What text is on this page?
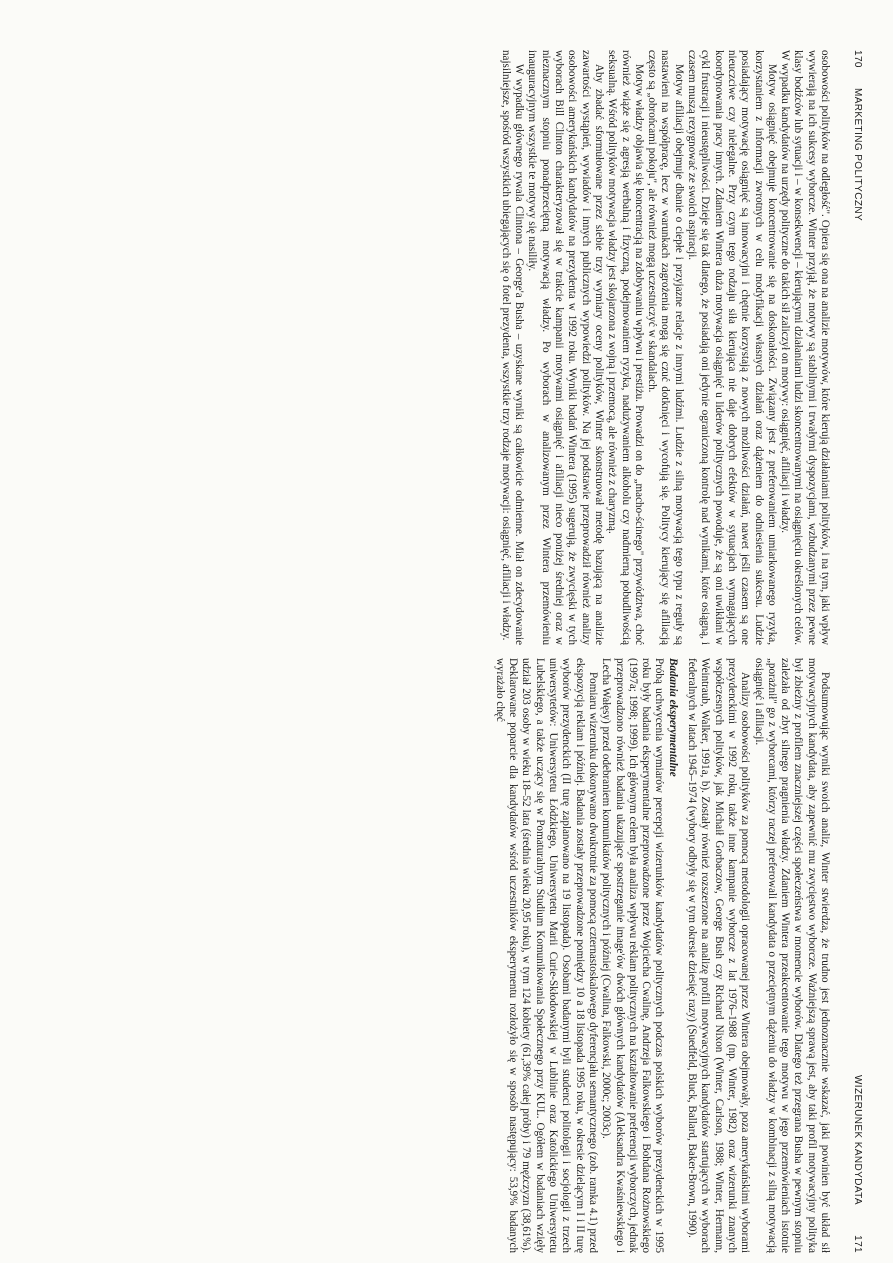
170
MARKETING POLITYCZNY

osobowości polityków na odległość". Opiera się ona na analizie motywów, które kierują działaniami polityków, i na tym, jaki wpływ wywierają na ich sukcesy wyborcze. Winter przyjął, że motywy są stabilnymi i trwałymi dyspozycjami, wzbudzanymi przez pewne klasy bodźców lub sytuacji i – w konsekwencji – kierującymi działaniami ludzi skoncentrowanymi na osiągnięciu określonych celów. W wypadku kandydatów na urzędy polityczne do takich sił zaliczył on motywy: osiągnięć, afiliacji i władzy.

Motyw osiągnięć obejmuje koncentrowanie się na doskonałości. Związany jest z preferowaniem umiarkowanego ryzyka, korzystaniem z informacji zwrotnych w celu modyfikacji własnych działań oraz dążeniem do odniesienia sukcesu. Ludzie posiadający motywację osiągnięć są innowacyjni i chętnie korzystają z nowych możliwości działań, nawet jeśli czasem są one nieuczciwe czy nielegalne. Przy czym tego rodzaju siła kierująca nie daje dobrych efektów w sytuacjach wymagających koordynowania pracy innych. Zdaniem Wintera duża motywacja osiągnięć u liderów politycznych powoduje, że są oni uwikłani w cykl frustracji i nieustępliwości. Dzieje się tak dlatego, że posiadają oni jedynie ograniczoną kontrolę nad wynikami, które osiągną, i czasem muszą rezygnować ze swoich aspiracji.

Motyw afiliacji obejmuje dbanie o ciepłe i przyjazne relacje z innymi ludźmi. Ludzie z silną motywacją tego typu z reguły są nastawieni na współpracę, lecz w warunkach zagrożenia mogą się czuć dotknięci i wycofują się. Politycy kierujący się afiliacją często są „obrońcami pokoju", ale również mogą uczestniczyć w skandalach.

Motyw władzy objawia się koncentracją na zdobywaniu wpływu i prestiżu. Prowadzi on do „macho-ścinego" przywództwa, choć również wiąże się z agresją werbalną i fizyczną, podejmowaniem ryzyka, nadużywaniem alkoholu czy nadmierną pobudliwością seksualną. Wśród polityków motywacja władzy jest skojarzona z wojną i przemocą, ale również z charyzmą.

Aby zbadać sformułowane przez siebie trzy wymiary oceny polityków, Winter skonstruował metodę bazującą na analizie zawartości wystąpień, wywiadów i innych publicznych wypowiedzi polityków. Na jej podstawie przeprowadził również analizy osobowości amerykańskich kandydatów na prezydenta w 1992 roku. Wyniki badań Wintera (1995) sugerują, że zwycięski w tych wyborach Bill Clinton charakteryzował się w trakcie kampanii motywami osiągnięć i afiliacji nieco poniżej średniej oraz w nieznacznym stopniu ponadprzeciętną motywacją władzy. Po wyborach w analizowanym przez Wintera przemówieniu inauguracyjnym wszystkie te motywy się nasiliły.

W wypadku głównego rywala Clintona – George'a Busha – uzyskane wyniki są całkowicie odmienne. Miał on zdecydowanie najsilniejsze, spośród wszystkich ubiegających się o fotel prezydenta, wszystkie trzy rodzaje motywacji: osiągnięć, afiliacji i władzy.

WIZERUNEK KANDYDATA
171

Podsumowując wyniki swoich analiz, Winter stwierdza, że trudno jest jednoznacznie wskazać, jaki powinien być układ sił motywacyjnych kandydata, aby zapewnić mu zwycięstwo wyborcze. Ważniejszą sprawą jest, aby taki profil motywacyjny polityka był zbieżny z profilem znaczniejszej części społeczeństwa w momencie wyborów. Dlatego też przegrana Busha w pewnym stopniu zależała od zbyt silnego pragnienia władzy. Zdaniem Wintera przeakcentowanie tego motywu w jego przemówieniach istotnie „porażnił" go z wyborcami, którzy raczej preferowali kandydata o przeciętnym dążeniu do władzy w kombinacji z silną motywacją osiągnięć i afiliacji.

Analizy osobowości polityków za pomocą metodologii opracowanej przez Wintera obejmowały, poza amerykańskimi wyborami prezydenckimi w 1992 roku, także inne kampanie wyborcze z lat 1976–1988 (np. Winter, 1982) oraz wizerunki znanych współczesnych polityków, jak Michaił Gorbaczow, George Bush czy Richard Nixon (Winter, Carlson, 1988; Winter, Hermann, Weintraub, Walker, 1991a, b). Zostały również rozszerzone na analizę profili motywacyjnych kandydatów startujących w wyborach federalnych w latach 1945–1974 (wybory odbyły się w tym okresie dziesięć razy) (Suedfeld, Bluck, Ballard, Baker-Brown, 1990).

Badania eksperymentalne

Próbą uchwycenia wymiarów percepcji wizerunków kandydatów politycznych podczas polskich wyborów prezydenckich w 1995 roku były badania eksperymentalne przeprowadzone przez Wojciecha Cwalinę, Andrzeja Falkowskiego i Bohdana Rożnowskiego (1997a; 1998; 1999). Ich głównym celem była analiza wpływu reklam politycznych na kształtowanie preferencji wyborczych, jednak przeprowadzono również badania ukazujące spostrzeganie image'ów dwóch głównych kandydatów (Aleksandra Kwaśniewskiego i Lecha Wałęsy) przed odebraniem komunikatów politycznych i później (Cwalina, Falkowski, 2000c; 2003c).

Pomiaru wizerunku dokonywano dwukrotnie za pomocą czternastoskalowego dyferencjału semantycznego (zob. ramka 4.1) przed ekspozycją reklam i później. Badania zostały przeprowadzone pomiędzy 10 a 18 listopada 1995 roku, w okresie dzielącym I i II turę wyborów prezydenckich (II turę zaplanowano na 19 listopada). Osobami badanymi byli studenci politologii i socjologii z trzech uniwersytetów: Uniwersytetu Łódzkiego, Uniwersytetu Marii Curie-Skłodowskiej w Lublinie oraz Katolickiego Uniwersytetu Lubelskiego, a także uczący się w Pomaturalnym Studium Komunikowania Społecznego przy KUL. Ogółem w badaniach wzięły udział 203 osoby w wieku 18–52 lata (średnia wieku 20,95 roku), w tym 124 kobiety (61,39% całej próby) i 79 mężczyzn (38,61%). Deklarowane poparcie dla kandydatów wśród uczestników eksperymentu rozłożyło się w sposób następujący: 53,9% badanych wyrażało chęć
